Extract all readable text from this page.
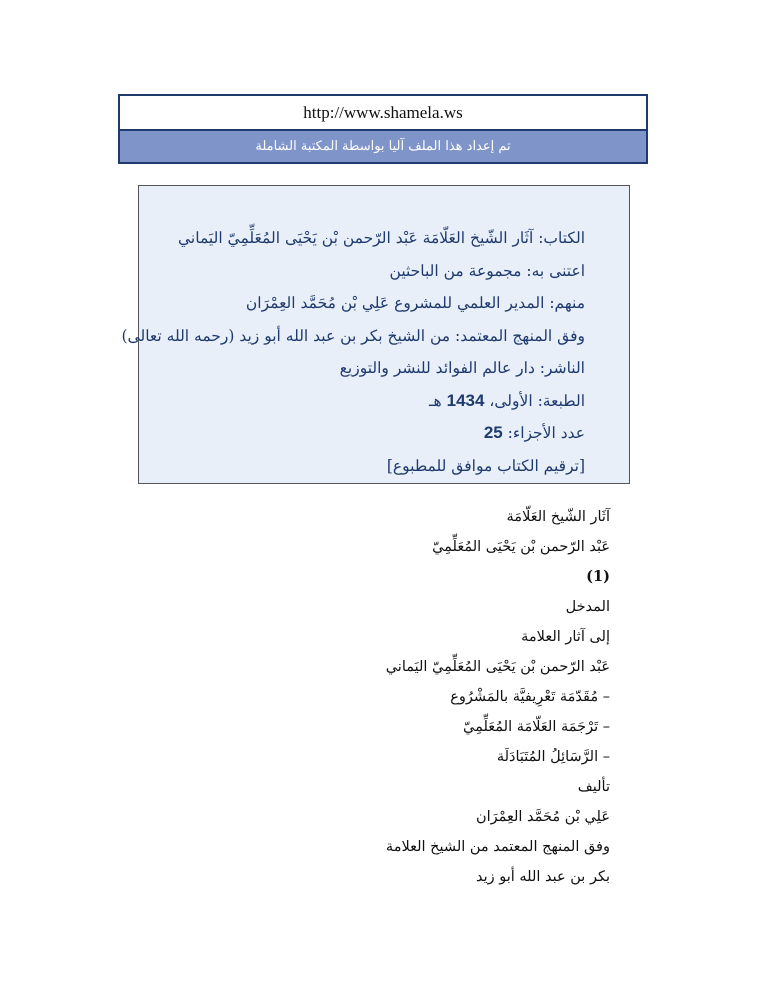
http://www.shamela.ws
تم إعداد هذا الملف آليا بواسطة المكتبة الشاملة
الكتاب: آثَار الشّيخ العَلّامَة عَبْد الرّحمن بْن يَحْيَى المُعَلِّمِيّ اليَماني
اعتنى به: مجموعة من الباحثين
منهم: المدير العلمي للمشروع عَلِي بْن مُحَمَّد العِمْرَان
وفق المنهج المعتمد: من الشيخ بكر بن عبد الله أبو زيد (رحمه الله تعالى)
الناشر: دار عالم الفوائد للنشر والتوزيع
الطبعة: الأولى، 1434 هـ
عدد الأجزاء: 25
[ترقيم الكتاب موافق للمطبوع]
آثَار الشّيخ العَلّامَة
عَبْد الرّحمن بْن يَحْيَى المُعَلِّمِيّ
(1)
المدخل
إلى آثار العلامة
عَبْد الرّحمن بْن يَحْيَى المُعَلِّمِيّ اليَماني
– مُقَدّمَة تَعْرِيفيَّة بالمَشْرُوع
– تَرْجَمَة العَلّامَة المُعَلِّمِيّ
– الرَّسَائِلُ المُتَبَادَلَة
تأليف
عَلِي بْن مُحَمَّد العِمْرَان
وفق المنهج المعتمد من الشيخ العلامة
بكر بن عبد الله أبو زيد
